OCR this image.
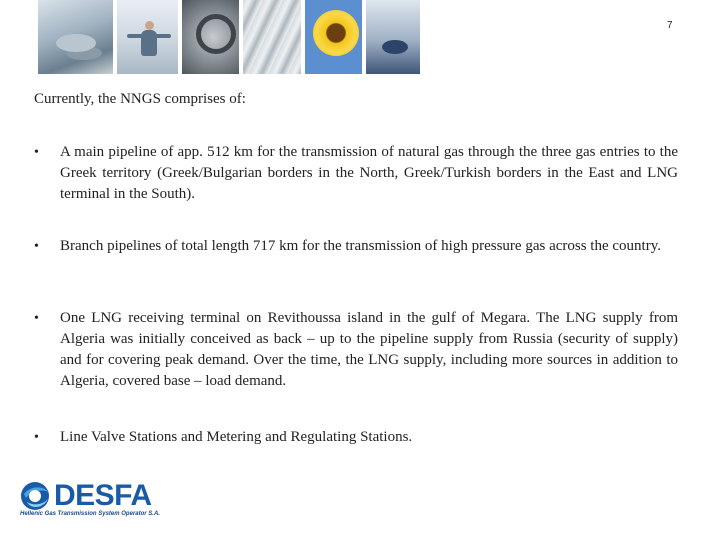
7

Currently, the NNGS comprises of:

•	A main pipeline of app. 512 km for the transmission of natural gas through the three gas entries to the Greek territory (Greek/Bulgarian borders in the North, Greek/Turkish borders in the East and LNG terminal in the South).

•	Branch pipelines of total length 717 km for the transmission of high pressure gas across the country.

•	One LNG receiving terminal on Revithoussa island in the gulf of Megara. The LNG supply from Algeria was initially conceived as back – up to the pipeline supply from Russia (security of supply) and for covering peak demand. Over the time, the LNG supply, including more sources in addition to Algeria, covered base – load demand.

•	Line Valve Stations and Metering and Regulating Stations.

DESFA
Hellenic Gas Transmission System Operator S.A.
